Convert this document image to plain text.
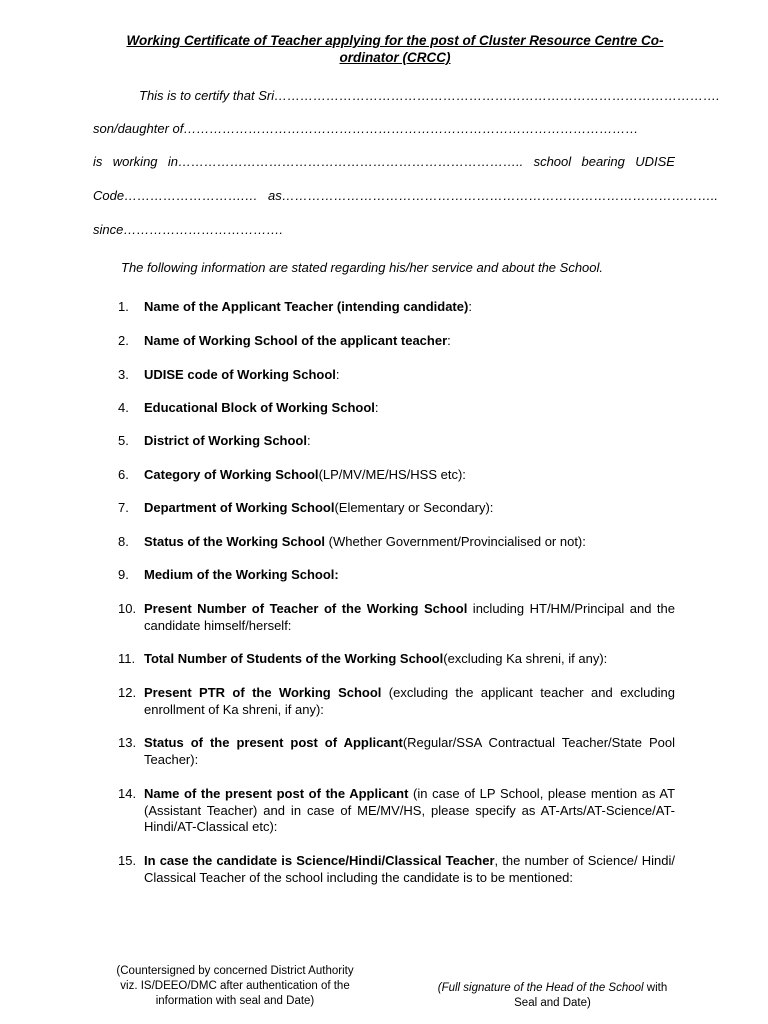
Working Certificate of Teacher applying for the post of Cluster Resource Centre Co-ordinator (CRCC)
This is to certify that Sri………………………………………………………………………………………….
son/daughter of……………………………………………………………………………………………
is working in…………………………………………………………………….. school bearing UDISE
Code……………………….… as………………………………………………………………………………………..
since……………………………….
The following information are stated regarding his/her service and about the School.
1.	Name of the Applicant Teacher (intending candidate):
2.	Name of Working School of the applicant teacher:
3.	UDISE code of Working School:
4.	Educational Block of Working School:
5.	District of Working School:
6.	Category of Working School(LP/MV/ME/HS/HSS etc):
7.	Department of Working School(Elementary or Secondary):
8.	Status of the Working School (Whether Government/Provincialised or not):
9.	Medium of the Working School:
10. Present Number of Teacher of the Working School including HT/HM/Principal and the candidate himself/herself:
11. Total Number of Students of the Working School(excluding Ka shreni, if any):
12. Present PTR of the Working School (excluding the applicant teacher and excluding enrollment of Ka shreni, if any):
13. Status of the present post of Applicant(Regular/SSA Contractual Teacher/State Pool Teacher):
14. Name of the present post of the Applicant (in case of LP School, please mention as AT (Assistant Teacher) and in case of ME/MV/HS, please specify as AT-Arts/AT-Science/AT-Hindi/AT-Classical etc):
15. In case the candidate is Science/Hindi/Classical Teacher, the number of Science/ Hindi/ Classical Teacher of the school including the candidate is to be mentioned:
(Countersigned by concerned District Authority viz. IS/DEEO/DMC after authentication of the information with seal and Date)
(Full signature of the Head of the School with Seal and Date)
